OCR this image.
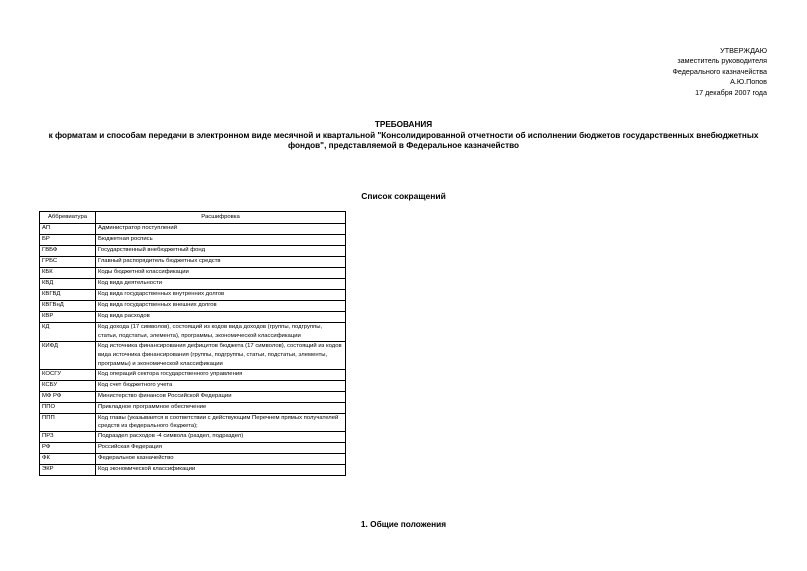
УТВЕРЖДАЮ
заместитель руководителя
Федерального казначейства
А.Ю.Попов
17 декабря 2007 года
ТРЕБОВАНИЯ
к форматам и способам передачи в электронном виде месячной и квартальной "Консолидированной отчетности об исполнении бюджетов государственных внебюджетных фондов", представляемой в Федеральное казначейство
Список сокращений
Аббревиатура	Расшифровка
АП	Администратор поступлений
БР	Бюджетная роспись
ГВБФ	Государственный внебюджетный фонд
ГРБС	Главный распорядитель бюджетных средств
КБК	Коды бюджетной классификации
КВД	Код вида деятельности
КВГВД	Код вида государственных внутренних долгов
КВГВнД	Код вида государственных внешних долгов
КВР	Код вида расходов
КД	Код дохода (17 символов), состоящий из кодов вида доходов (группы, подгруппы, статьи, подстатьи, элемента), программы, экономической классификации
КИФД	Код источника финансирования дефицитов бюджета (17 символов), состоящий из кодов вида источника финансирования (группы, подгруппы, статьи, подстатьи, элементы, программы) и экономической классификации
КОСГУ	Код операций сектора государственного управления
КСБУ	Код счет бюджетного учета
МФ РФ	Министерство финансов Российской Федерации
ППО	Прикладное программное обеспечение
ППП	Код главы (указывается в соответствии с действующим Перечнем прямых получателей средств из федерального бюджета);
ПРЗ	Подраздел расходов -4 символа (раздел, подраздел)
РФ	Российская Федерация
ФК	Федеральное казначейство
ЭКР	Код экономической классификации
1. Общие положения
